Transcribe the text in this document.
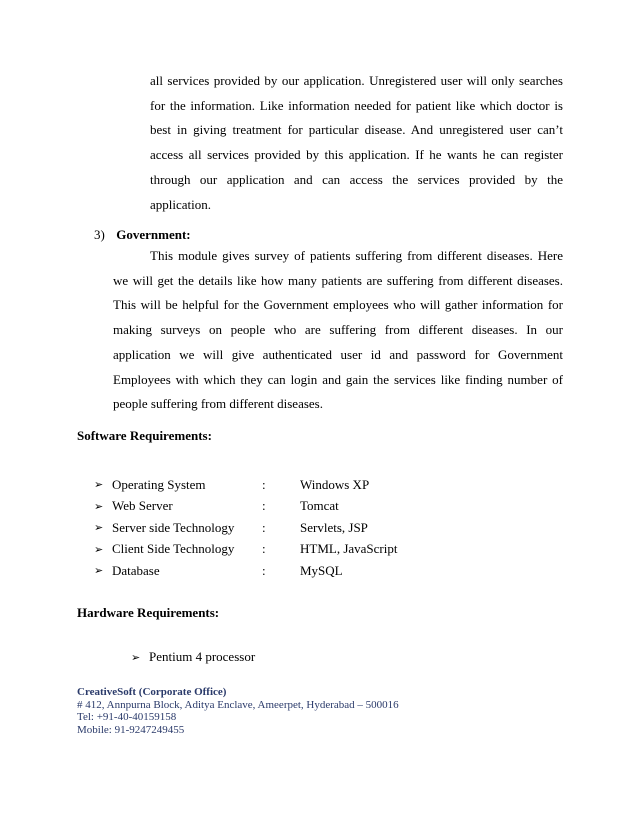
all services provided by our application. Unregistered user will only searches for the information. Like information needed for patient like which doctor is best in giving treatment for particular disease. And unregistered user can’t access all services provided by this application. If he wants he can register through our application and can access the services provided by the application.

3) Government:

This module gives survey of patients suffering from different diseases. Here we will get the details like how many patients are suffering from different diseases. This will be helpful for the Government employees who will gather information for making surveys on people who are suffering from different diseases. In our application we will give authenticated user id and password for Government Employees with which they can login and gain the services like finding number of people suffering from different diseases.

Software Requirements:

➢ Operating System	:	Windows XP
➢ Web Server	:	Tomcat
➢ Server side Technology	:	Servlets, JSP
➢ Client Side Technology	:	HTML, JavaScript
➢ Database	:	MySQL

Hardware Requirements:

➢ Pentium 4 processor
CreativeSoft (Corporate Office)
# 412, Annpurna Block, Aditya Enclave, Ameerpet, Hyderabad – 500016
Tel: +91-40-40159158
Mobile: 91-9247249455
